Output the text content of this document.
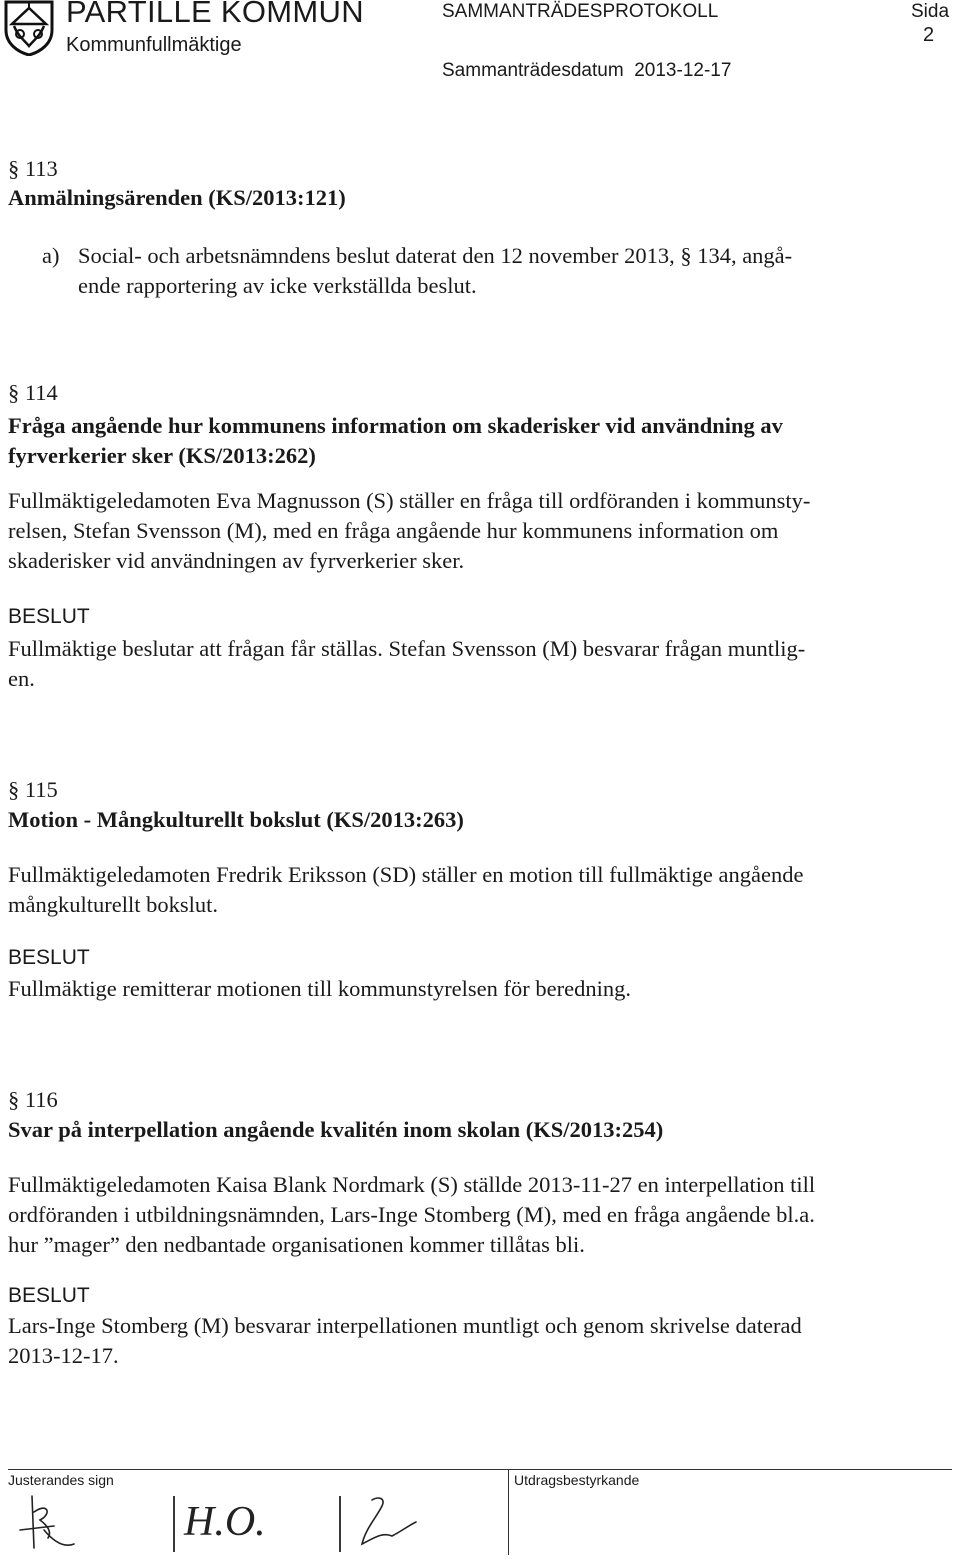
PARTILLE KOMMUN
Kommunfullmäktige
SAMMANTRÄDESPROTOKOLL	Sida
2
Sammanträdesdatum 2013-12-17
§ 113
Anmälningsärenden (KS/2013:121)
a) Social- och arbetsnämndens beslut daterat den 12 november 2013, § 134, angå-
ende rapportering av icke verkställda beslut.
§ 114
Fråga angående hur kommunens information om skaderisker vid användning av
fyrverkerier sker (KS/2013:262)
Fullmäktigeledamoten Eva Magnusson (S) ställer en fråga till ordföranden i kommunsty-
relsen, Stefan Svensson (M), med en fråga angående hur kommunens information om
skaderisker vid användningen av fyrverkerier sker.
BESLUT
Fullmäktige beslutar att frågan får ställas. Stefan Svensson (M) besvarar frågan muntlig-
en.
§ 115
Motion - Mångkulturellt bokslut (KS/2013:263)
Fullmäktigeledamoten Fredrik Eriksson (SD) ställer en motion till fullmäktige angående
mångkulturellt bokslut.
BESLUT
Fullmäktige remitterar motionen till kommunstyrelsen för beredning.
§ 116
Svar på interpellation angående kvalitén inom skolan (KS/2013:254)
Fullmäktigeledamoten Kaisa Blank Nordmark (S) ställde 2013-11-27 en interpellation till
ordföranden i utbildningsnämnden, Lars-Inge Stomberg (M), med en fråga angående bl.a.
hur ”mager” den nedbantade organisationen kommer tillåtas bli.
BESLUT
Lars-Inge Stomberg (M) besvarar interpellationen muntligt och genom skrivelse daterad
2013-12-17.
Justerandes sign	Utdragsbestyrkande
H.O.
